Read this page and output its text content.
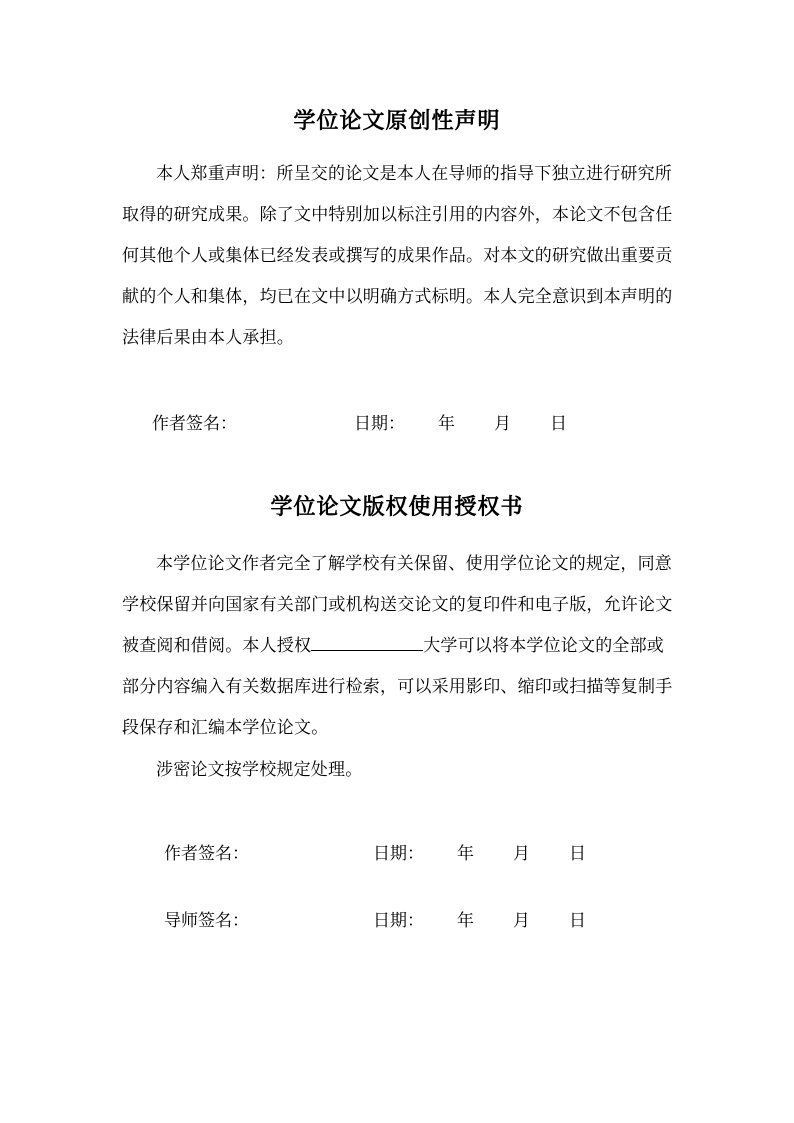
学位论文原创性声明

本人郑重声明：所呈交的论文是本人在导师的指导下独立进行研究所取得的研究成果。除了文中特别加以标注引用的内容外，本论文不包含任何其他个人或集体已经发表或撰写的成果作品。对本文的研究做出重要贡献的个人和集体，均已在文中以明确方式标明。本人完全意识到本声明的法律后果由本人承担。

作者签名：	日期： 年 月 日
学位论文版权使用授权书

本学位论文作者完全了解学校有关保留、使用学位论文的规定，同意学校保留并向国家有关部门或机构送交论文的复印件和电子版，允许论文被查阅和借阅。本人授权	大学可以将本学位论文的全部或部分内容编入有关数据库进行检索，可以采用影印、缩印或扫描等复制手段保存和汇编本学位论文。

涉密论文按学校规定处理。

作者签名：	日期： 年 月 日
导师签名：	日期： 年 月 日
